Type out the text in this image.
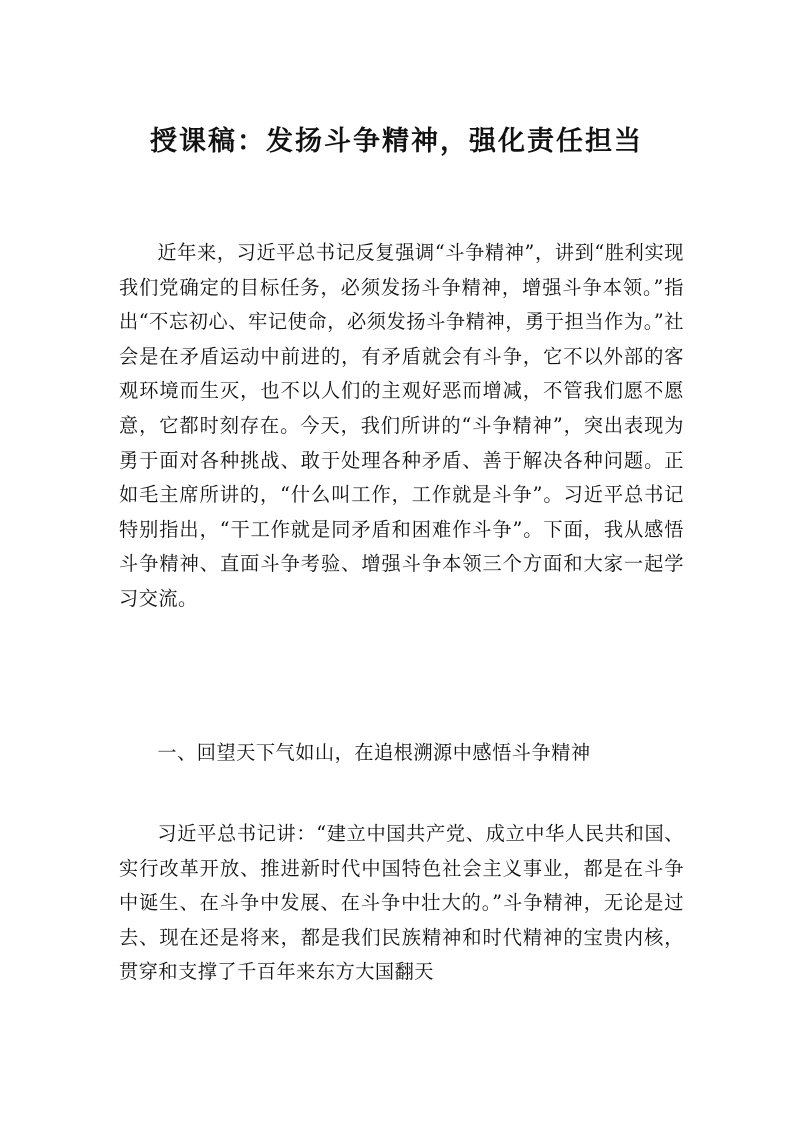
授课稿：发扬斗争精神，强化责任担当

近年来，习近平总书记反复强调“斗争精神”，讲到“胜利实现我们党确定的目标任务，必须发扬斗争精神，增强斗争本领。”指出“不忘初心、牢记使命，必须发扬斗争精神，勇于担当作为。”社会是在矛盾运动中前进的，有矛盾就会有斗争，它不以外部的客观环境而生灭，也不以人们的主观好恶而增减，不管我们愿不愿意，它都时刻存在。今天，我们所讲的“斗争精神”，突出表现为勇于面对各种挑战、敢于处理各种矛盾、善于解决各种问题。正如毛主席所讲的，“什么叫工作，工作就是斗争”。习近平总书记特别指出，“干工作就是同矛盾和困难作斗争”。下面，我从感悟斗争精神、直面斗争考验、增强斗争本领三个方面和大家一起学习交流。

一、回望天下气如山，在追根溯源中感悟斗争精神

习近平总书记讲：“建立中国共产党、成立中华人民共和国、实行改革开放、推进新时代中国特色社会主义事业，都是在斗争中诞生、在斗争中发展、在斗争中壮大的。”斗争精神，无论是过去、现在还是将来，都是我们民族精神和时代精神的宝贵内核，贯穿和支撑了千百年来东方大国翻天
